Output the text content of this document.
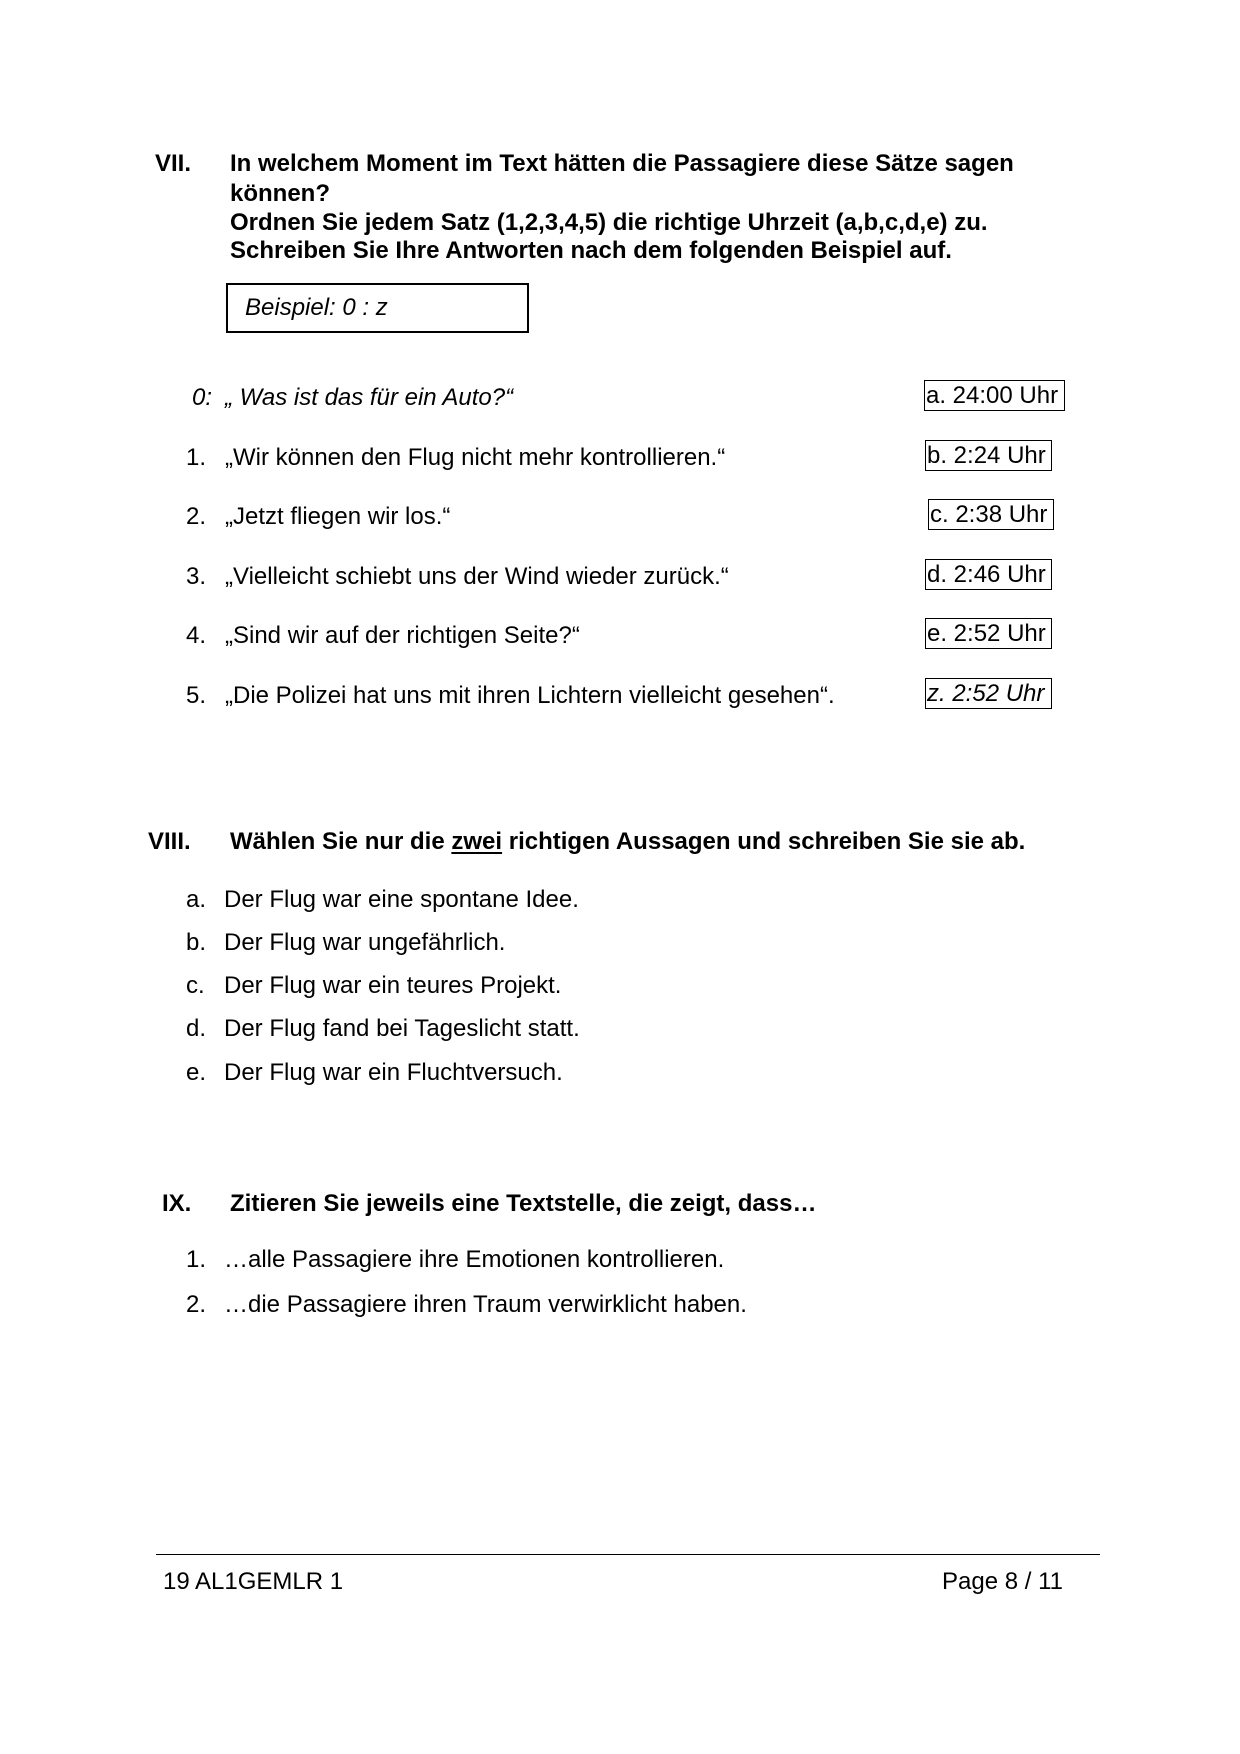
VII. In welchem Moment im Text hätten die Passagiere diese Sätze sagen
können?
Ordnen Sie jedem Satz (1,2,3,4,5) die richtige Uhrzeit (a,b,c,d,e) zu.
Schreiben Sie Ihre Antworten nach dem folgenden Beispiel auf.
Beispiel: 0 : z
0: „ Was ist das für ein Auto?“
1. „Wir können den Flug nicht mehr kontrollieren.“
2. „Jetzt fliegen wir los.“
3. „Vielleicht schiebt uns der Wind wieder zurück.“
4. „Sind wir auf der richtigen Seite?“
5. „Die Polizei hat uns mit ihren Lichtern vielleicht gesehen“.
a. 24:00 Uhr
b. 2:24 Uhr
c. 2:38 Uhr
d. 2:46 Uhr
e. 2:52 Uhr
z. 2:52 Uhr
VIII. Wählen Sie nur die zwei richtigen Aussagen und schreiben Sie sie ab.
a. Der Flug war eine spontane Idee.
b. Der Flug war ungefährlich.
c. Der Flug war ein teures Projekt.
d. Der Flug fand bei Tageslicht statt.
e. Der Flug war ein Fluchtversuch.
IX. Zitieren Sie jeweils eine Textstelle, die zeigt, dass…
1. …alle Passagiere ihre Emotionen kontrollieren.
2. …die Passagiere ihren Traum verwirklicht haben.
19 AL1GEMLR 1	Page 8 / 11
